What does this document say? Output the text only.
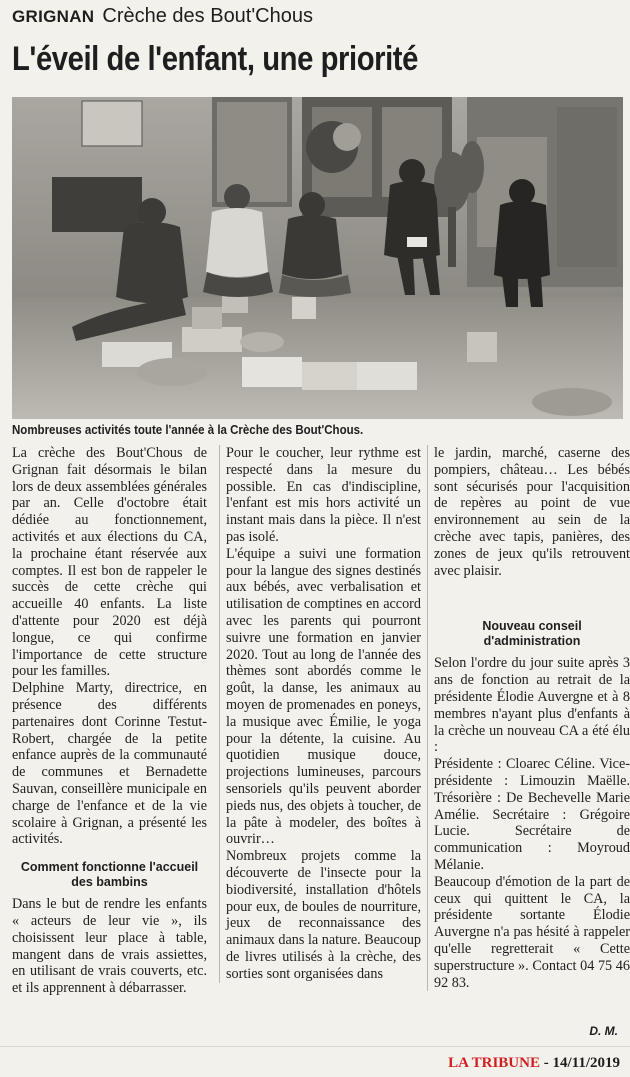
GRIGNAN Crèche des Bout'Chous
L'éveil de l'enfant, une priorité
Nombreuses activités toute l'année à la Crèche des Bout'Chous.

La crèche des Bout'Chous de Grignan fait désormais le bilan lors de deux assemblées générales par an. Celle d'octobre était dédiée au fonctionnement, activités et aux élections du CA, la prochaine étant réservée aux comptes. Il est bon de rappeler le succès de cette crèche qui accueille 40 enfants. La liste d'attente pour 2020 est déjà longue, ce qui confirme l'importance de cette structure pour les familles.

Delphine Marty, directrice, en présence des différents partenaires dont Corinne Testut-Robert, chargée de la petite enfance auprès de la communauté de communes et Bernadette Sauvan, conseillère municipale en charge de l'enfance et de la vie scolaire à Grignan, a présenté les activités.

Comment fonctionne l'accueil des bambins

Dans le but de rendre les enfants « acteurs de leur vie », ils choisissent leur place à table, mangent dans de vrais assiettes, en utilisant de vrais couverts, etc. et ils apprennent à débarrasser.

Pour le coucher, leur rythme est respecté dans la mesure du possible. En cas d'indiscipline, l'enfant est mis hors activité un instant mais dans la pièce. Il n'est pas isolé.

L'équipe a suivi une formation pour la langue des signes destinés aux bébés, avec verbalisation et utilisation de comptines en accord avec les parents qui pourront suivre une formation en janvier 2020. Tout au long de l'année des thèmes sont abordés comme le goût, la danse, les animaux au moyen de promenades en poneys, la musique avec Émilie, le yoga pour la détente, la cuisine. Au quotidien musique douce, projections lumineuses, parcours sensoriels qu'ils peuvent aborder pieds nus, des objets à toucher, de la pâte à modeler, des boîtes à ouvrir…

Nombreux projets comme la découverte de l'insecte pour la biodiversité, installation d'hôtels pour eux, de boules de nourriture, jeux de reconnaissance des animaux dans la nature. Beaucoup de livres utilisés à la crèche, des sorties sont organisées dans

le jardin, marché, caserne des pompiers, château… Les bébés sont sécurisés pour l'acquisition de repères au point de vue environnement au sein de la crèche avec tapis, panières, des zones de jeux qu'ils retrouvent avec plaisir.

Nouveau conseil d'administration

Selon l'ordre du jour suite après 3 ans de fonction au retrait de la présidente Élodie Auvergne et à 8 membres n'ayant plus d'enfants à la crèche un nouveau CA a été élu :

Présidente : Cloarec Céline. Vice-présidente : Limouzin Maëlle. Trésorière : De Bechevelle Marie Amélie. Secrétaire : Grégoire Lucie. Secrétaire de communication : Moyroud Mélanie.

Beaucoup d'émotion de la part de ceux qui quittent le CA, la présidente sortante Élodie Auvergne n'a pas hésité à rappeler qu'elle regretterait « Cette superstructure ». Contact 04 75 46 92 83.

D. M.
LA TRIBUNE - 14/11/2019
